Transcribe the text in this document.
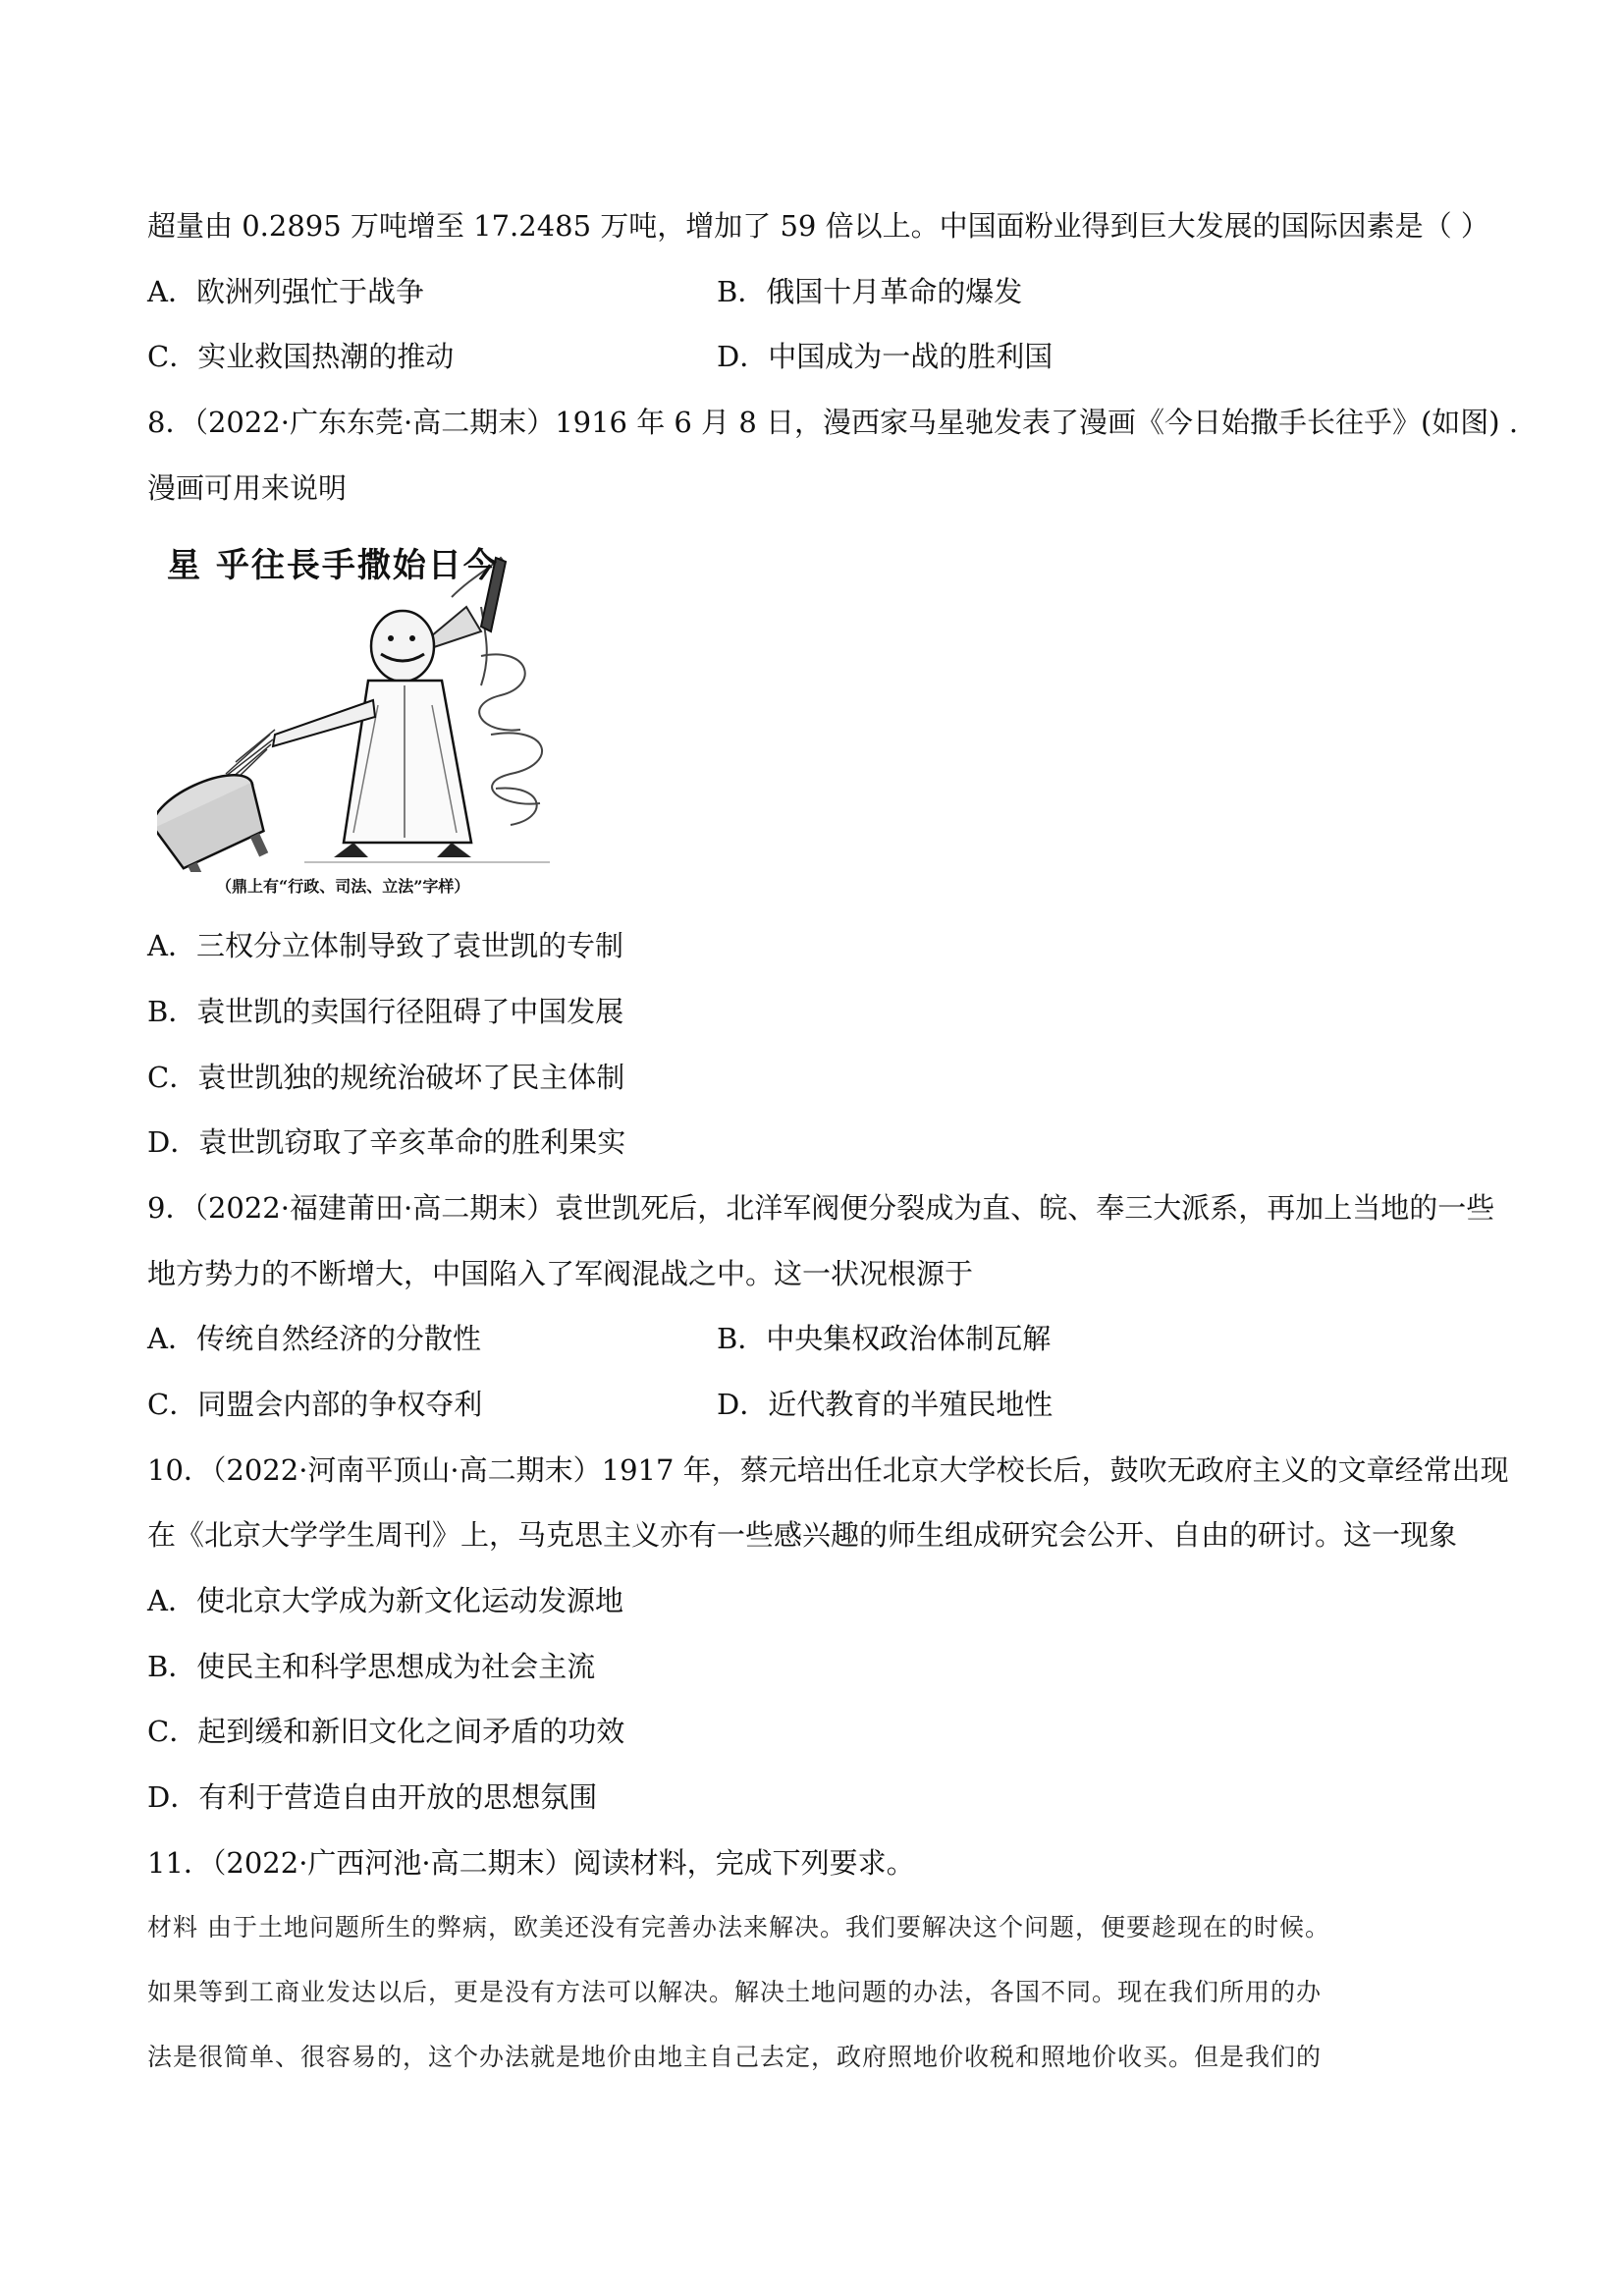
超量由 0.2895 万吨增至 17.2485 万吨，增加了 59 倍以上。中国面粉业得到巨大发展的国际因素是（ ）
A．欧洲列强忙于战争	B．俄国十月革命的爆发
C．实业救国热潮的推动	D．中国成为一战的胜利国
8．（2022·广东东莞·高二期末）1916 年 6 月 8 日，漫西家马星驰发表了漫画《今日始撒手长往乎》(如图) .
漫画可用来说明
星 乎往長手撒始日今
（鼎上有“行政、司法、立法”字样）
A．三权分立体制导致了袁世凯的专制
B．袁世凯的卖国行径阻碍了中国发展
C．袁世凯独的规统治破坏了民主体制
D．袁世凯窃取了辛亥革命的胜利果实
9．（2022·福建莆田·高二期末）袁世凯死后，北洋军阀便分裂成为直、皖、奉三大派系，再加上当地的一些
地方势力的不断增大，中国陷入了军阀混战之中。这一状况根源于
A．传统自然经济的分散性	B．中央集权政治体制瓦解
C．同盟会内部的争权夺利	D．近代教育的半殖民地性
10．（2022·河南平顶山·高二期末）1917 年，蔡元培出任北京大学校长后，鼓吹无政府主义的文章经常出现
在《北京大学学生周刊》上，马克思主义亦有一些感兴趣的师生组成研究会公开、自由的研讨。这一现象
A．使北京大学成为新文化运动发源地
B．使民主和科学思想成为社会主流
C．起到缓和新旧文化之间矛盾的功效
D．有利于营造自由开放的思想氛围
11．（2022·广西河池·高二期末）阅读材料，完成下列要求。
材料 由于土地问题所生的弊病，欧美还没有完善办法来解决。我们要解决这个问题，便要趁现在的时候。
如果等到工商业发达以后，更是没有方法可以解决。解决土地问题的办法，各国不同。现在我们所用的办
法是很简单、很容易的，这个办法就是地价由地主自己去定，政府照地价收税和照地价收买。但是我们的
